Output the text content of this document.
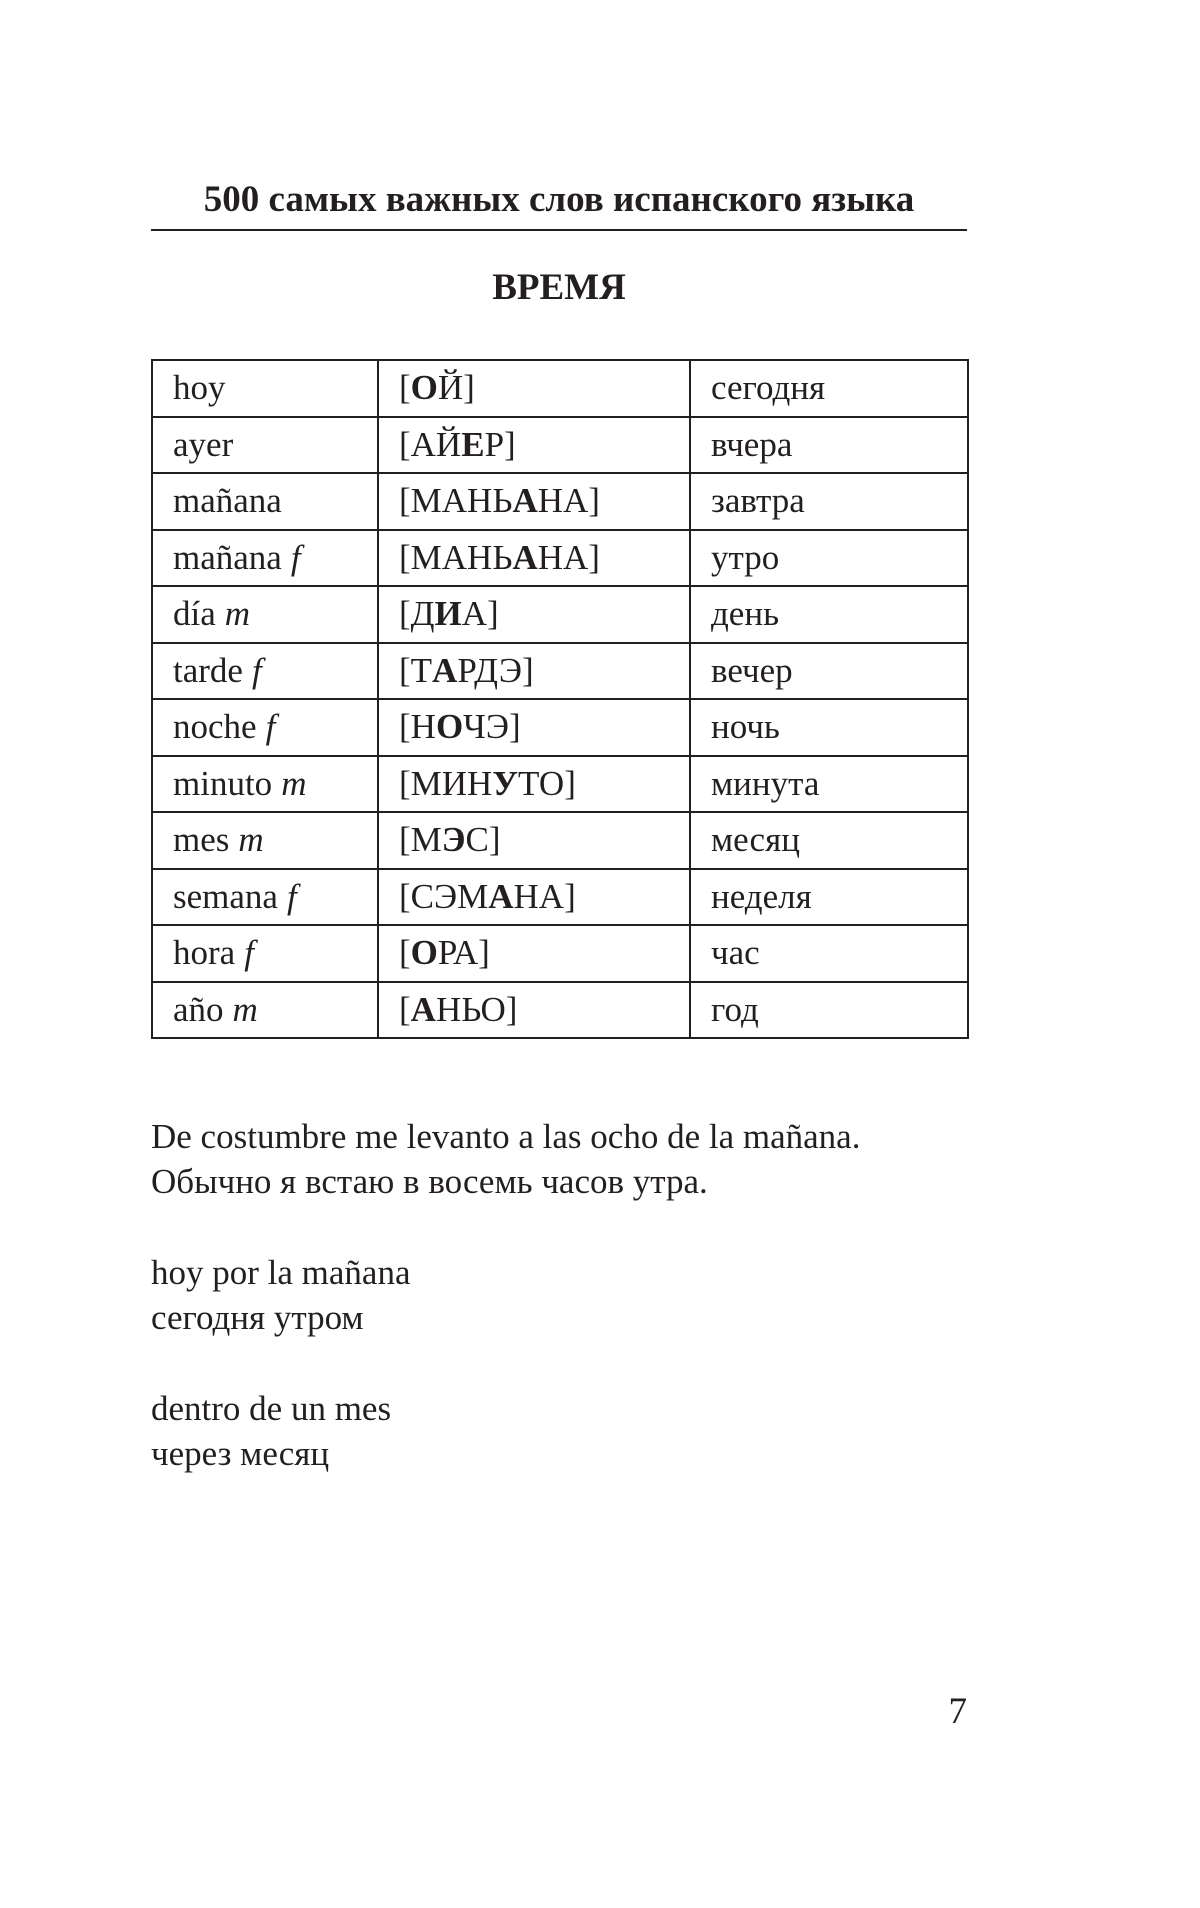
500 самых важных слов испанского языка
ВРЕМЯ
hoy	[ОЙ]	сегодня
ayer	[АЙЕР]	вчера
mañana	[МАНЬАНА]	завтра
mañana f	[МАНЬАНА]	утро
día m	[ДИА]	день
tarde f	[ТАРДЭ]	вечер
noche f	[НОЧЭ]	ночь
minuto m	[МИНУТО]	минута
mes m	[МЭС]	месяц
semana f	[СЭМАНА]	неделя
hora f	[ОРА]	час
año m	[АНЬО]	год
De costumbre me levanto a las ocho de la mañana.
Обычно я встаю в восемь часов утра.
hoy por la mañana
сегодня утром
dentro de un mes
через месяц
7
